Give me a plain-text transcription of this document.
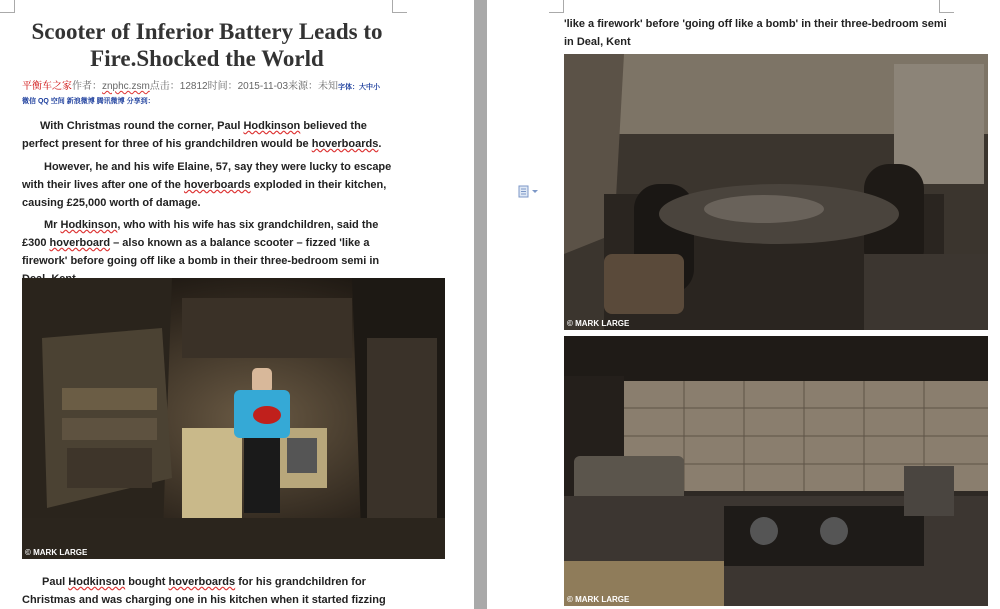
Scooter of Inferior Battery Leads to
Fire.Shocked the World
平衡车之家作者：znphc.zsm点击：12812时间：2015-11-03来源：未知字体：大中小
微信 QQ 空间 新浪微博 腾讯微博 分享到：

With Christmas round the corner, Paul Hodkinson believed the perfect present for three of his grandchildren would be hoverboards.

However, he and his wife Elaine, 57, say they were lucky to escape with their lives after one of the hoverboards exploded in their kitchen, causing £25,000 worth of damage.

Mr Hodkinson, who with his wife has six grandchildren, said the £300 hoverboard – also known as a balance scooter – fizzed 'like a firework' before going off like a bomb in their three-bedroom semi in

© MARK LARGE

Paul Hodkinson bought hoverboards for his grandchildren for Christmas and was charging one in his kitchen when it started fizzing

'like a firework' before 'going off like a bomb' in their three-bedroom semi in Deal, Kent

© MARK LARGE
© MARK LARGE
